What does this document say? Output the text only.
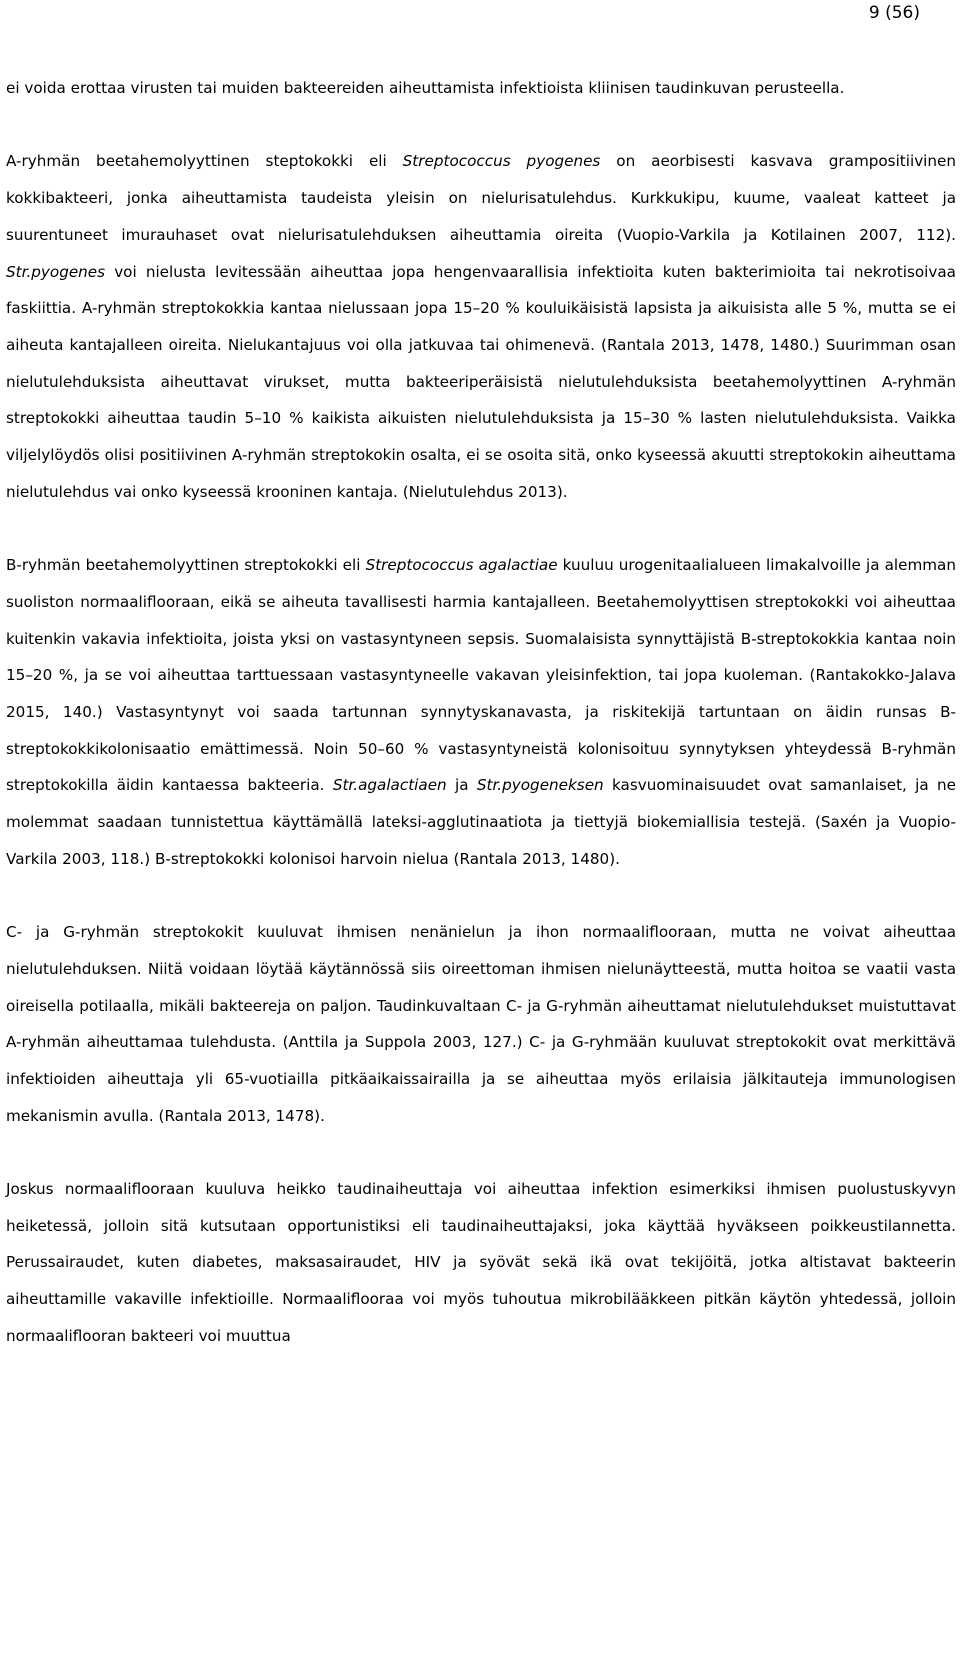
9 (56)

ei voida erottaa virusten tai muiden bakteereiden aiheuttamista infektioista kliinisen taudinkuvan perusteella.

A-ryhmän beetahemolyyttinen steptokokki eli Streptococcus pyogenes on aeorbisesti kasvava grampositiivinen kokkibakteeri, jonka aiheuttamista taudeista yleisin on nielurisatulehdus. Kurkkukipu, kuume, vaaleat katteet ja suurentuneet imurauhaset ovat nielurisatulehduksen aiheuttamia oireita (Vuopio-Varkila ja Kotilainen 2007, 112). Str.pyogenes voi nielusta levitessään aiheuttaa jopa hengenvaarallisia infektioita kuten bakterimioita tai nekrotisoivaa faskiittia. A-ryhmän streptokokkia kantaa nielussaan jopa 15–20 % kouluikäisistä lapsista ja aikuisista alle 5 %, mutta se ei aiheuta kantajalleen oireita. Nielukantajuus voi olla jatkuvaa tai ohimenevä. (Rantala 2013, 1478, 1480.) Suurimman osan nielutulehduksista aiheuttavat virukset, mutta bakteeriperäisistä nielutulehduksista beetahemolyyttinen A-ryhmän streptokokki aiheuttaa taudin 5–10 % kaikista aikuisten nielutulehduksista ja 15–30 % lasten nielutulehduksista. Vaikka viljelylöydös olisi positiivinen A-ryhmän streptokokin osalta, ei se osoita sitä, onko kyseessä akuutti streptokokin aiheuttama nielutulehdus vai onko kyseessä krooninen kantaja. (Nielutulehdus 2013).

B-ryhmän beetahemolyyttinen streptokokki eli Streptococcus agalactiae kuuluu urogenitaalialueen limakalvoille ja alemman suoliston normaaliflooraan, eikä se aiheuta tavallisesti harmia kantajalleen. Beetahemolyyttisen streptokokki voi aiheuttaa kuitenkin vakavia infektioita, joista yksi on vastasyntyneen sepsis. Suomalaisista synnyttäjistä B-streptokokkia kantaa noin 15–20 %, ja se voi aiheuttaa tarttuessaan vastasyntyneelle vakavan yleisinfektion, tai jopa kuoleman. (Rantakokko-Jalava 2015, 140.) Vastasyntynyt voi saada tartunnan synnytyskanavasta, ja riskitekijä tartuntaan on äidin runsas B-streptokokkikolonisaatio emättimessä. Noin 50–60 % vastasyntyneistä kolonisoituu synnytyksen yhteydessä B-ryhmän streptokokilla äidin kantaessa bakteeria. Str.agalactiaen ja Str.pyogeneksen kasvuominaisuudet ovat samanlaiset, ja ne molemmat saadaan tunnistettua käyttämällä lateksi-agglutinaatiota ja tiettyjä biokemiallisia testejä. (Saxén ja Vuopio-Varkila 2003, 118.) B-streptokokki kolonisoi harvoin nielua (Rantala 2013, 1480).

C- ja G-ryhmän streptokokit kuuluvat ihmisen nenänielun ja ihon normaaliflooraan, mutta ne voivat aiheuttaa nielutulehduksen. Niitä voidaan löytää käytännössä siis oireettoman ihmisen nielunäytteestä, mutta hoitoa se vaatii vasta oireisella potilaalla, mikäli bakteereja on paljon. Taudinkuvaltaan C- ja G-ryhmän aiheuttamat nielutulehdukset muistuttavat A-ryhmän aiheuttamaa tulehdusta. (Anttila ja Suppola 2003, 127.) C- ja G-ryhmään kuuluvat streptokokit ovat merkittävä infektioiden aiheuttaja yli 65-vuotiailla pitkäaikaissairailla ja se aiheuttaa myös erilaisia jälkitauteja immunologisen mekanismin avulla. (Rantala 2013, 1478).

Joskus normaaliflooraan kuuluva heikko taudinaiheuttaja voi aiheuttaa infektion esimerkiksi ihmisen puolustuskyvyn heiketessä, jolloin sitä kutsutaan opportunistiksi eli taudinaiheuttajaksi, joka käyttää hyväkseen poikkeustilannetta. Perussairaudet, kuten diabetes, maksasairaudet, HIV ja syövät sekä ikä ovat tekijöitä, jotka altistavat bakteerin aiheuttamille vakaville infektioille. Normaaliflooraa voi myös tuhoutua mikrobilääkkeen pitkän käytön yhtedessä, jolloin normaaliflooran bakteeri voi muuttua
